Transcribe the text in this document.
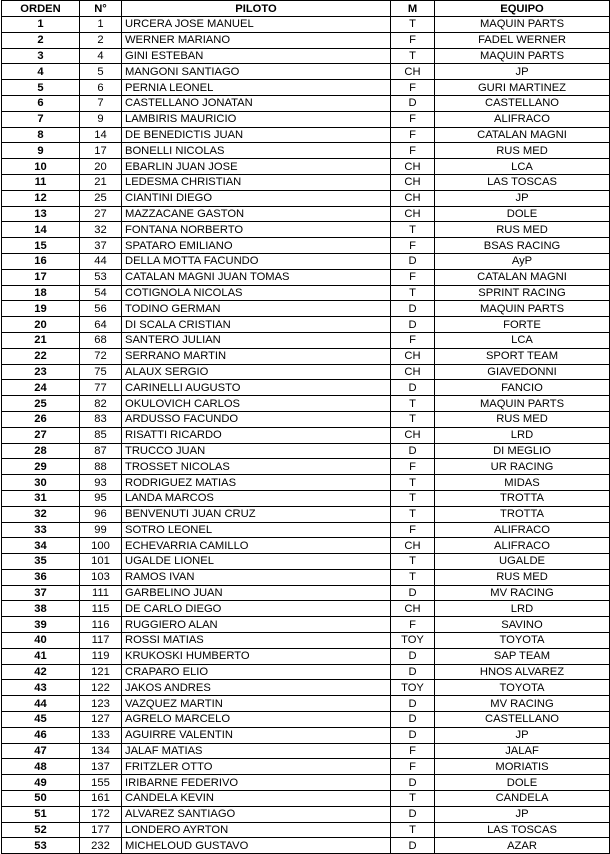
ORDEN	N°	PILOTO	M	EQUIPO
1	1	URCERA JOSE MANUEL	T	MAQUIN PARTS
2	2	WERNER MARIANO	F	FADEL WERNER
3	4	GINI ESTEBAN	T	MAQUIN PARTS
4	5	MANGONI SANTIAGO	CH	JP
5	6	PERNIA LEONEL	F	GURI MARTINEZ
6	7	CASTELLANO JONATAN	D	CASTELLANO
7	9	LAMBIRIS MAURICIO	F	ALIFRACO
8	14	DE BENEDICTIS JUAN	F	CATALAN MAGNI
9	17	BONELLI NICOLAS	F	RUS MED
10	20	EBARLIN JUAN JOSE	CH	LCA
11	21	LEDESMA CHRISTIAN	CH	LAS TOSCAS
12	25	CIANTINI DIEGO	CH	JP
13	27	MAZZACANE GASTON	CH	DOLE
14	32	FONTANA NORBERTO	T	RUS MED
15	37	SPATARO EMILIANO	F	BSAS RACING
16	44	DELLA MOTTA FACUNDO	D	AyP
17	53	CATALAN MAGNI JUAN TOMAS	F	CATALAN MAGNI
18	54	COTIGNOLA NICOLAS	T	SPRINT RACING
19	56	TODINO GERMAN	D	MAQUIN PARTS
20	64	DI SCALA CRISTIAN	D	FORTE
21	68	SANTERO JULIAN	F	LCA
22	72	SERRANO MARTIN	CH	SPORT TEAM
23	75	ALAUX SERGIO	CH	GIAVEDONNI
24	77	CARINELLI AUGUSTO	D	FANCIO
25	82	OKULOVICH CARLOS	T	MAQUIN PARTS
26	83	ARDUSSO FACUNDO	T	RUS MED
27	85	RISATTI RICARDO	CH	LRD
28	87	TRUCCO JUAN	D	DI MEGLIO
29	88	TROSSET NICOLAS	F	UR RACING
30	93	RODRIGUEZ MATIAS	T	MIDAS
31	95	LANDA MARCOS	T	TROTTA
32	96	BENVENUTI JUAN CRUZ	T	TROTTA
33	99	SOTRO LEONEL	F	ALIFRACO
34	100	ECHEVARRIA CAMILLO	CH	ALIFRACO
35	101	UGALDE LIONEL	T	UGALDE
36	103	RAMOS IVAN	T	RUS MED
37	111	GARBELINO JUAN	D	MV RACING
38	115	DE CARLO DIEGO	CH	LRD
39	116	RUGGIERO ALAN	F	SAVINO
40	117	ROSSI MATIAS	TOY	TOYOTA
41	119	KRUKOSKI HUMBERTO	D	SAP TEAM
42	121	CRAPARO ELIO	D	HNOS ALVAREZ
43	122	JAKOS ANDRES	TOY	TOYOTA
44	123	VAZQUEZ MARTIN	D	MV RACING
45	127	AGRELO MARCELO	D	CASTELLANO
46	133	AGUIRRE VALENTIN	D	JP
47	134	JALAF MATIAS	F	JALAF
48	137	FRITZLER OTTO	F	MORIATIS
49	155	IRIBARNE FEDERIVO	D	DOLE
50	161	CANDELA KEVIN	T	CANDELA
51	172	ALVAREZ SANTIAGO	D	JP
52	177	LONDERO AYRTON	T	LAS TOSCAS
53	232	MICHELOUD GUSTAVO	D	AZAR
